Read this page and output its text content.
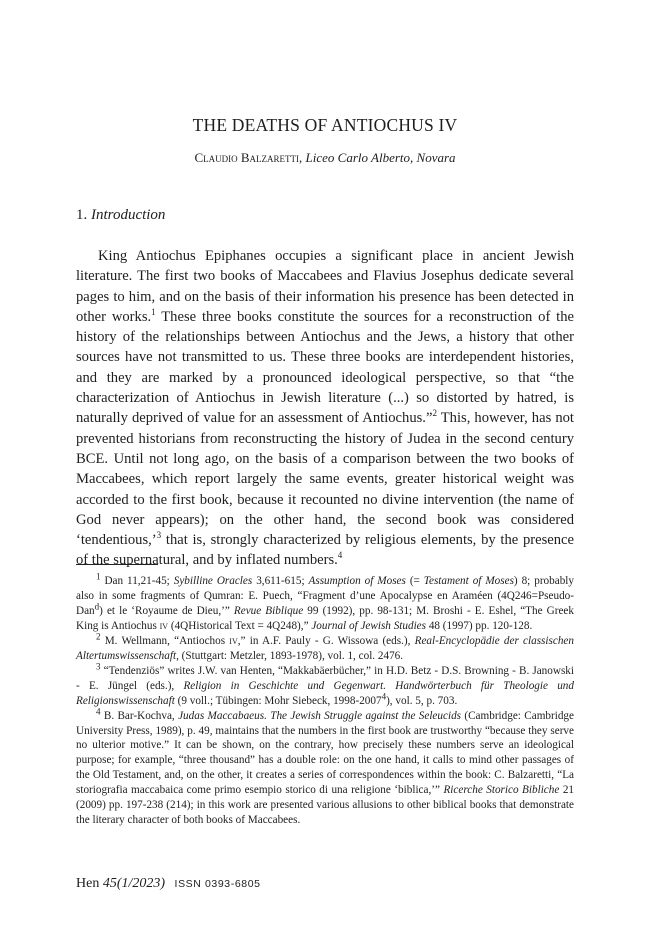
THE DEATHS OF ANTIOCHUS IV
Claudio Balzaretti, Liceo Carlo Alberto, Novara
1. Introduction

King Antiochus Epiphanes occupies a significant place in ancient Jewish literature. The first two books of Maccabees and Flavius Josephus dedicate several pages to him, and on the basis of their information his presence has been detected in other works.$^1$ These three books constitute the sources for a reconstruction of the history of the relationships between Antiochus and the Jews, a history that other sources have not transmitted to us. These three books are interdependent histories, and they are marked by a pronounced ideological perspective, so that “the characterization of Antiochus in Jewish literature (...) so distorted by hatred, is naturally deprived of value for an assessment of Antiochus.”$^2$ This, however, has not prevented historians from reconstructing the history of Judea in the second century BCE. Until not long ago, on the basis of a comparison between the two books of Maccabees, which report largely the same events, greater historical weight was accorded to the first book, because it recounted no divine intervention (the name of God never appears); on the other hand, the second book was considered ‘tendentious,’$^3$ that is, strongly characterized by religious elements, by the presence of the supernatural, and by inflated numbers.$^4$

$^1$ Dan 11,21-45; Sybilline Oracles 3,611-615; Assumption of Moses (= Testament of Moses) 8; probably also in some fragments of Qumran: E. Puech, “Fragment d’une Apocalypse en Araméen (4Q246=Pseudo-Dan$^d$) et le ‘Royaume de Dieu,’” Revue Biblique 99 (1992), pp. 98-131; M. Broshi - E. Eshel, “The Greek King is Antiochus iv (4QHistorical Text = 4Q248),” Journal of Jewish Studies 48 (1997) pp. 120-128.

$^2$ M. Wellmann, “Antiochos iv,” in A.F. Pauly - G. Wissowa (eds.), Real-Encyclopädie der classischen Altertumswissenschaft, (Stuttgart: Metzler, 1893-1978), vol. 1, col. 2476.

$^3$ “Tendenziös” writes J.W. van Henten, “Makkabäerbücher,” in H.D. Betz - D.S. Browning - B. Janowski - E. Jüngel (eds.), Religion in Geschichte und Gegenwart. Handwörterbuch für Theologie und Religionswissenschaft (9 voll.; Tübingen: Mohr Siebeck, 1998-2007$^4$), vol. 5, p. 703.

$^4$ B. Bar-Kochva, Judas Maccabaeus. The Jewish Struggle against the Seleucids (Cambridge: Cambridge University Press, 1989), p. 49, maintains that the numbers in the first book are trustworthy “because they serve no ulterior motive.” It can be shown, on the contrary, how precisely these numbers serve an ideological purpose; for example, “three thousand” has a double role: on the one hand, it calls to mind other passages of the Old Testament, and, on the other, it creates a series of correspondences within the book: C. Balzaretti, “La storiografia maccabaica come primo esempio storico di una religione ‘biblica,’” Ricerche Storico Bibliche 21 (2009) pp. 197-238 (214); in this work are presented various allusions to other biblical books that demonstrate the literary character of both books of Maccabees.

Hen 45(1/2023) ISSN 0393-6805
